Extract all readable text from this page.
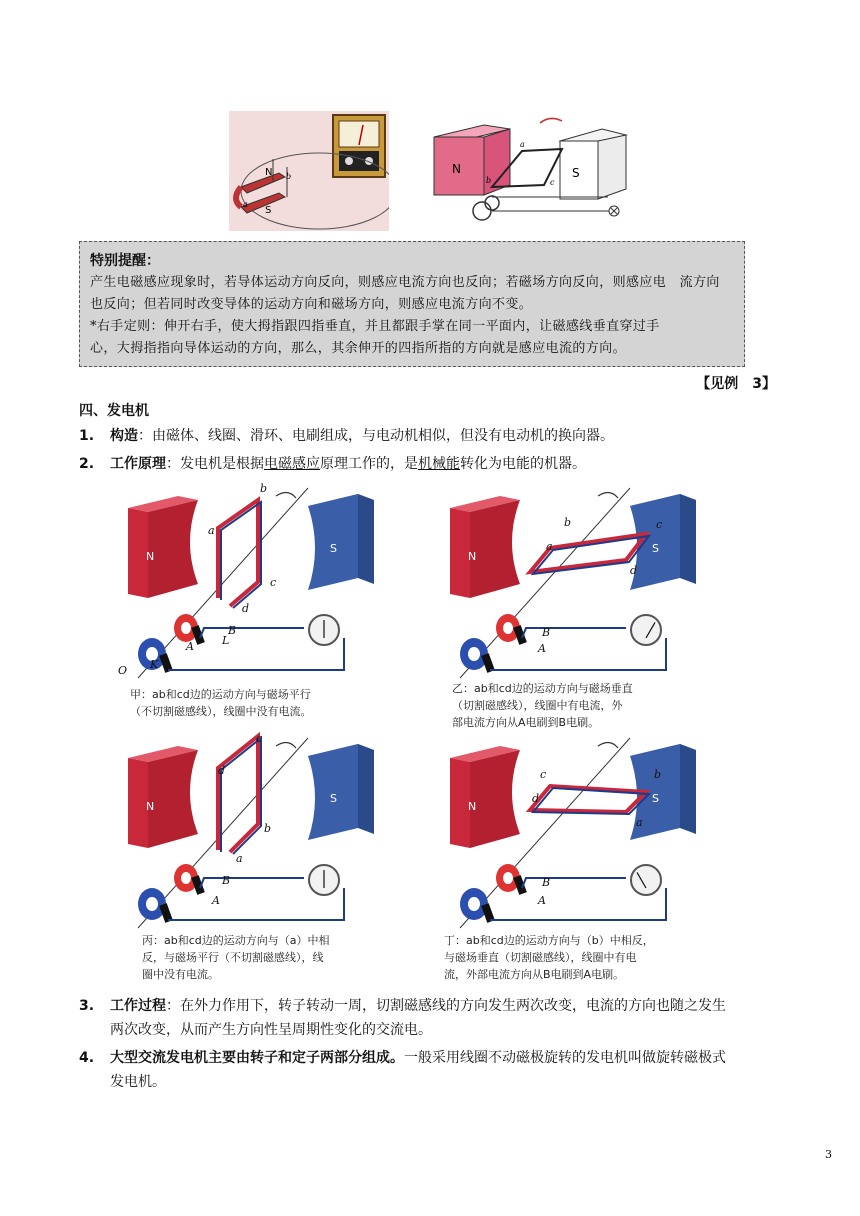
N
S
a
b
N	S
a
b	c
特别提醒：

产生电磁感应现象时，若导体运动方向反向，则感应电流方向也反向；若磁场方向反向，则感应电　流方向

也反向；但若同时改变导体的运动方向和磁场方向，则感应电流方向不变。

*右手定则：伸开右手，使大拇指跟四指垂直，并且都跟手掌在同一平面内，让磁感线垂直穿过手

心，大拇指指向导体运动的方向，那么，其余伸开的四指所指的方向就是感应电流的方向。

【见例　3】
四、发电机
1. 构造：由磁体、线圈、滑环、电刷组成，与电动机相似，但没有电动机的换向器。
2. 工作原理：发电机是根据电磁感应原理工作的，是机械能转化为电能的机器。
N
S
a
b
c
d
L
B
A
K
O
N
S
a
b	c
d
B
A
N
S
c
d
b
a
B
A
N
S
c	b
d
a
B
A
甲：ab和cd边的运动方向与磁场平行
（不切割磁感线），线圈中没有电流。
乙：ab和cd边的运动方向与磁场垂直
（切割磁感线），线圈中有电流，外
部电流方向从A电刷到B电刷。
丙：ab和cd边的运动方向与（a）中相
反，与磁场平行（不切割磁感线），线
圈中没有电流。
丁：ab和cd边的运动方向与（b）中相反，
与磁场垂直（切割磁感线），线圈中有电
流，外部电流方向从B电刷到A电刷。
3. 工作过程：在外力作用下，转子转动一周，切割磁感线的方向发生两次改变，电流的方向也随之发生
两次改变，从而产生方向性呈周期性变化的交流电。
4. 大型交流发电机主要由转子和定子两部分组成。一般采用线圈不动磁极旋转的发电机叫做旋转磁极式
发电机。
3
